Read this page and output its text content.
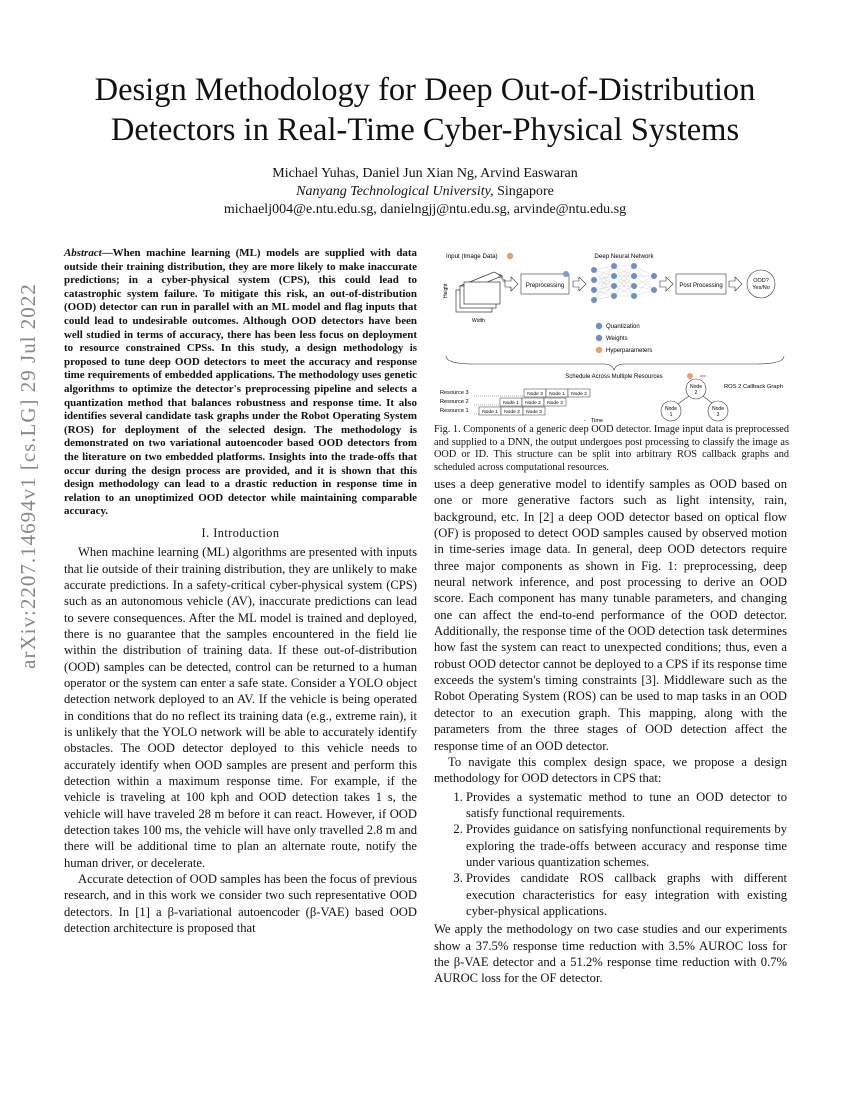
arXiv:2207.14694v1 [cs.LG] 29 Jul 2022
Design Methodology for Deep Out-of-Distribution Detectors in Real-Time Cyber-Physical Systems
Michael Yuhas, Daniel Jun Xian Ng, Arvind Easwaran
Nanyang Technological University, Singapore
michaelj004@e.ntu.edu.sg, danielngjj@ntu.edu.sg, arvinde@ntu.edu.sg
Abstract—When machine learning (ML) models are supplied with data outside their training distribution, they are more likely to make inaccurate predictions; in a cyber-physical system (CPS), this could lead to catastrophic system failure. To mitigate this risk, an out-of-distribution (OOD) detector can run in parallel with an ML model and flag inputs that could lead to undesirable outcomes. Although OOD detectors have been well studied in terms of accuracy, there has been less focus on deployment to resource constrained CPSs. In this study, a design methodology is proposed to tune deep OOD detectors to meet the accuracy and response time requirements of embedded applications. The methodology uses genetic algorithms to optimize the detector's preprocessing pipeline and selects a quantization method that balances robustness and response time. It also identifies several candidate task graphs under the Robot Operating System (ROS) for deployment of the selected design. The methodology is demonstrated on two variational autoencoder based OOD detectors from the literature on two embedded platforms. Insights into the trade-offs that occur during the design process are provided, and it is shown that this design methodology can lead to a drastic reduction in response time in relation to an unoptimized OOD detector while maintaining comparable accuracy.
I. Introduction

When machine learning (ML) algorithms are presented with inputs that lie outside of their training distribution, they are unlikely to make accurate predictions. In a safety-critical cyber-physical system (CPS) such as an autonomous vehicle (AV), inaccurate predictions can lead to severe consequences. After the ML model is trained and deployed, there is no guarantee that the samples encountered in the field lie within the distribution of training data. If these out-of-distribution (OOD) samples can be detected, control can be returned to a human operator or the system can enter a safe state. Consider a YOLO object detection network deployed to an AV. If the vehicle is being operated in conditions that do no reflect its training data (e.g., extreme rain), it is unlikely that the YOLO network will be able to accurately identify obstacles. The OOD detector deployed to this vehicle needs to accurately identify when OOD samples are present and perform this detection within a maximum response time. For example, if the vehicle is traveling at 100 kph and OOD detection takes 1 s, the vehicle will have traveled 28 m before it can react. However, if OOD detection takes 100 ms, the vehicle will have only travelled 2.8 m and there will be additional time to plan an alternate route, notify the human driver, or decelerate.

Accurate detection of OOD samples has been the focus of previous research, and in this work we consider two such representative OOD detectors. In [1] a β-variational autoencoder (β-VAE) based OOD detection architecture is proposed that

Input (Image Data)
Height
Width
Preprocessing
Deep Neural Network
Post Processing
OOD?
Yes/No
Quantization
Weights
Hyperparameters
Schedule Across Multiple Resources
Resource 3
Resource 2
Resource 1
Node 3 Node 1 Node 2
Node 1 Node 2 Node 3
Node 1 Node 2 Node 3
- Time
ROS 2 Callback Graph
Node
2
Node
1
Node
3
Fig. 1. Components of a generic deep OOD detector. Image input data is preprocessed and supplied to a DNN, the output undergoes post processing to classify the image as OOD or ID. This structure can be split into arbitrary ROS callback graphs and scheduled across computational resources.

uses a deep generative model to identify samples as OOD based on one or more generative factors such as light intensity, rain, background, etc. In [2] a deep OOD detector based on optical flow (OF) is proposed to detect OOD samples caused by observed motion in time-series image data. In general, deep OOD detectors require three major components as shown in Fig. 1: preprocessing, deep neural network inference, and post processing to derive an OOD score. Each component has many tunable parameters, and changing one can affect the end-to-end performance of the OOD detector. Additionally, the response time of the OOD detection task determines how fast the system can react to unexpected conditions; thus, even a robust OOD detector cannot be deployed to a CPS if its response time exceeds the system's timing constraints [3]. Middleware such as the Robot Operating System (ROS) can be used to map tasks in an OOD detector to an execution graph. This mapping, along with the parameters from the three stages of OOD detection affect the response time of an OOD detector.

To navigate this complex design space, we propose a design methodology for OOD detectors in CPS that:

1. Provides a systematic method to tune an OOD detector to satisfy functional requirements.
2. Provides guidance on satisfying nonfunctional requirements by exploring the trade-offs between accuracy and response time under various quantization schemes.
3. Provides candidate ROS callback graphs with different execution characteristics for easy integration with existing cyber-physical applications.

We apply the methodology on two case studies and our experiments show a 37.5% response time reduction with 3.5% AUROC loss for the β-VAE detector and a 51.2% response time reduction with 0.7% AUROC loss for the OF detector.
